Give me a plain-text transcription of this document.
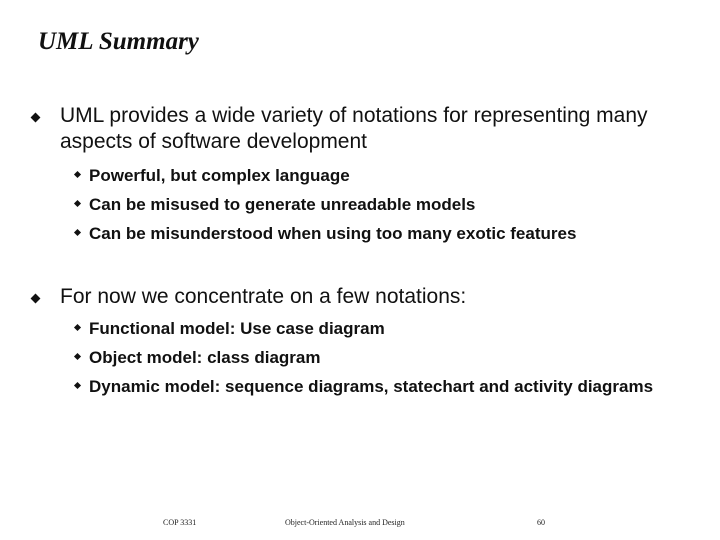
UML Summary
UML provides a wide variety of notations for representing many aspects of software development
Powerful, but complex language
Can be misused to generate unreadable models
Can be misunderstood when using too many exotic features
For now we concentrate on a few notations:
Functional model: Use case diagram
Object model: class diagram
Dynamic model: sequence diagrams, statechart and activity diagrams
COP 3331	Object-Oriented Analysis and Design	60
